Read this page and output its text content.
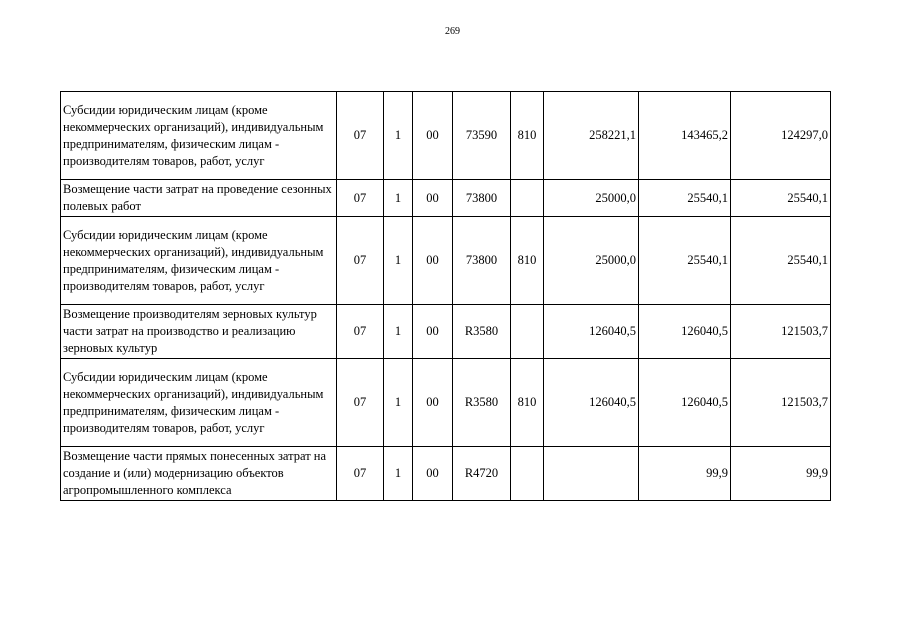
269
Субсидии юридическим лицам (кроме некоммерческих организаций), индивидуальным предпринимателям, физическим лицам - производителям товаров, работ, услуг	07	1	00	73590	810	258221,1	143465,2	124297,0
Возмещение части затрат на проведение сезонных полевых работ	07	1	00	73800		25000,0	25540,1	25540,1
Субсидии юридическим лицам (кроме некоммерческих организаций), индивидуальным предпринимателям, физическим лицам - производителям товаров, работ, услуг	07	1	00	73800	810	25000,0	25540,1	25540,1
Возмещение производителям зерновых культур части затрат на производство и реализацию зерновых культур	07	1	00	R3580		126040,5	126040,5	121503,7
Субсидии юридическим лицам (кроме некоммерческих организаций), индивидуальным предпринимателям, физическим лицам - производителям товаров, работ, услуг	07	1	00	R3580	810	126040,5	126040,5	121503,7
Возмещение части прямых понесенных затрат на создание и (или) модернизацию объектов агропромышленного комплекса	07	1	00	R4720			99,9	99,9
